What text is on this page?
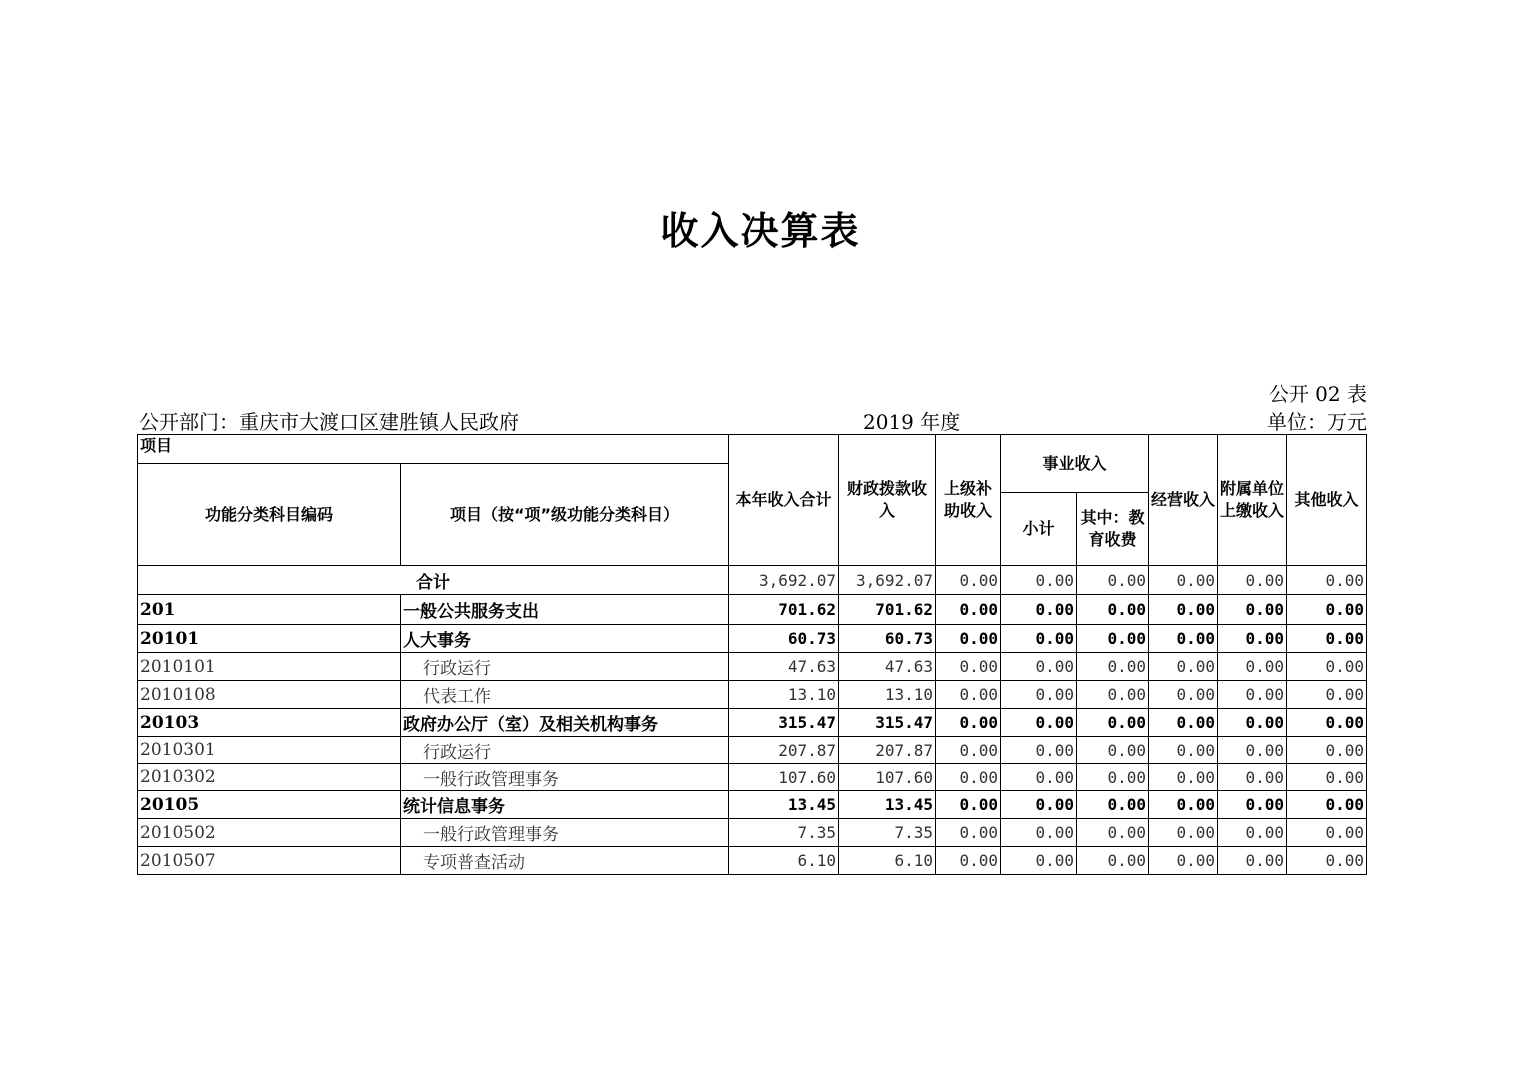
收入决算表
公开 02 表
公开部门：重庆市大渡口区建胜镇人民政府	2019 年度	单位：万元
项目		本年收入合计	财政拨款收入	上级补助收入	事业收入		经营收入	附属单位上缴收入	其他收入
功能分类科目编码	项目（按“项”级功能分类科目）								
					小计	其中：教育收费			
合计		3,692.07	3,692.07	0.00	0.00	0.00	0.00	0.00	0.00
201	一般公共服务支出	701.62	701.62	0.00	0.00	0.00	0.00	0.00	0.00
20101	人大事务	60.73	60.73	0.00	0.00	0.00	0.00	0.00	0.00
2010101	行政运行	47.63	47.63	0.00	0.00	0.00	0.00	0.00	0.00
2010108	代表工作	13.10	13.10	0.00	0.00	0.00	0.00	0.00	0.00
20103	政府办公厅（室）及相关机构事务	315.47	315.47	0.00	0.00	0.00	0.00	0.00	0.00
2010301	行政运行	207.87	207.87	0.00	0.00	0.00	0.00	0.00	0.00
2010302	一般行政管理事务	107.60	107.60	0.00	0.00	0.00	0.00	0.00	0.00
20105	统计信息事务	13.45	13.45	0.00	0.00	0.00	0.00	0.00	0.00
2010502	一般行政管理事务	7.35	7.35	0.00	0.00	0.00	0.00	0.00	0.00
2010507	专项普查活动	6.10	6.10	0.00	0.00	0.00	0.00	0.00	0.00
